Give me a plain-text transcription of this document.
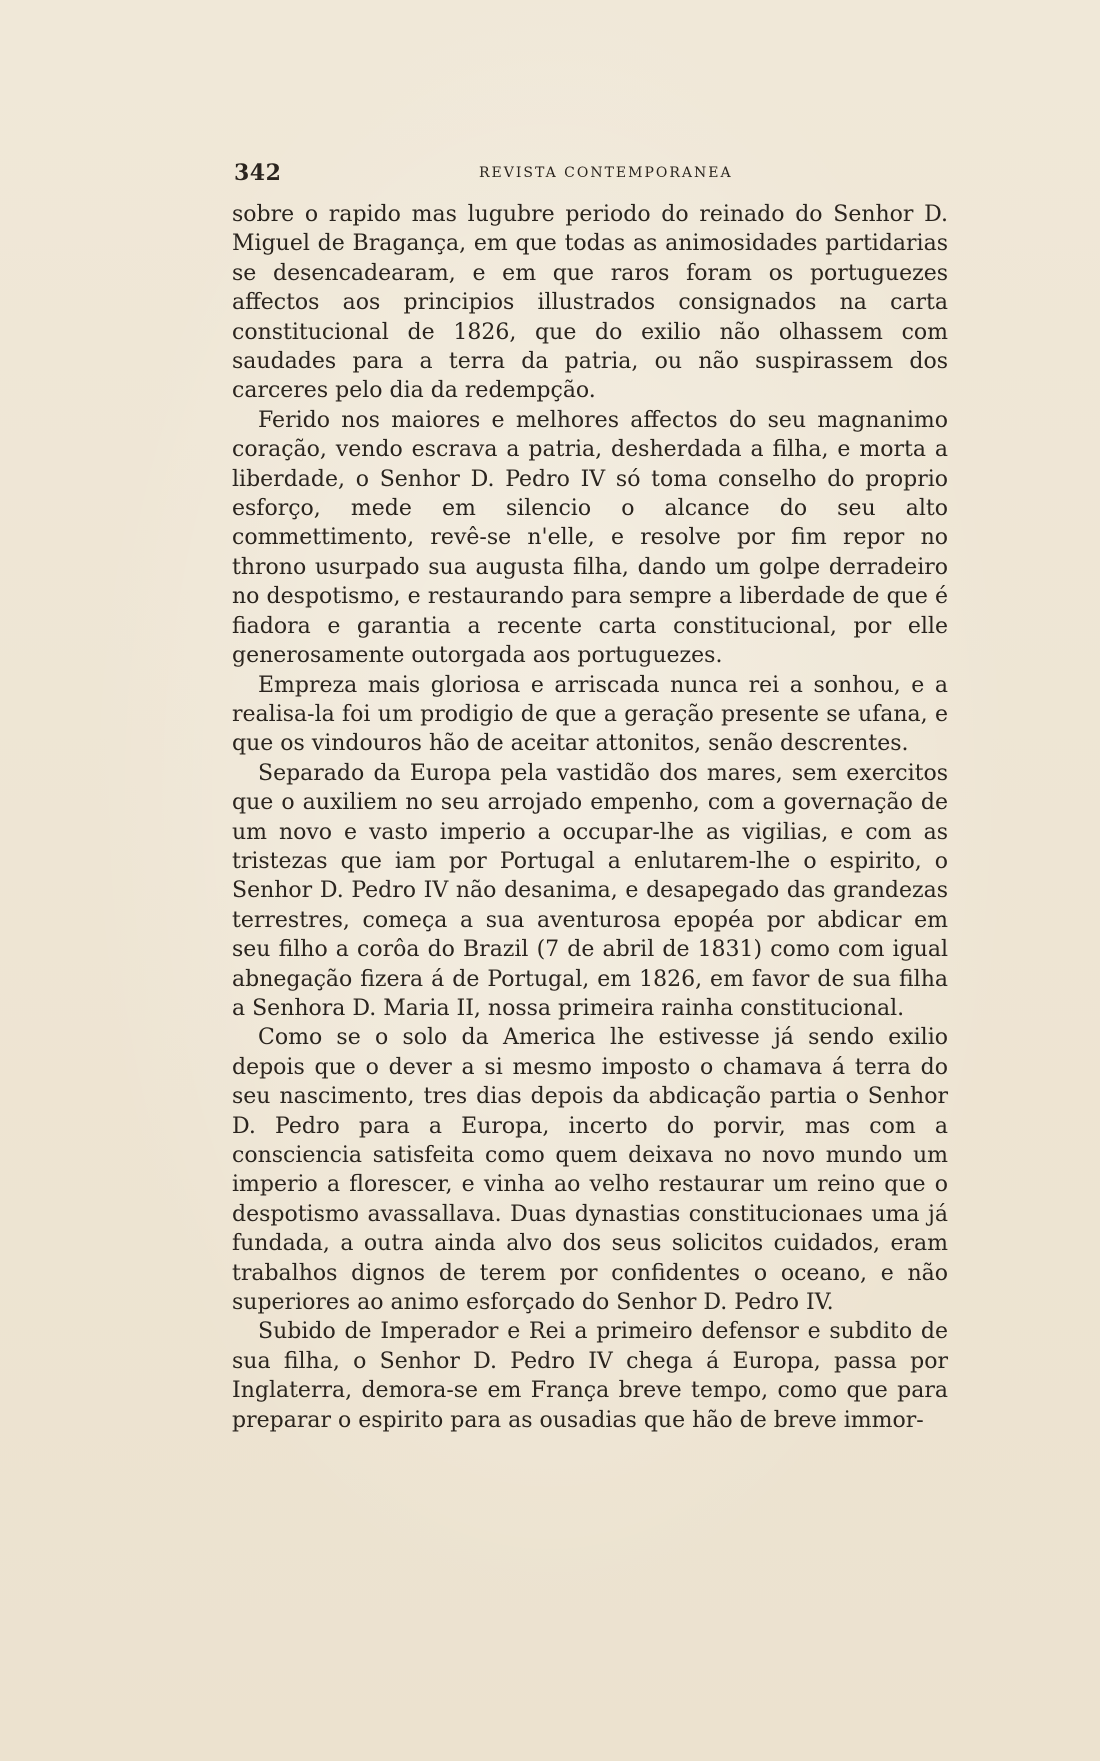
342	REVISTA CONTEMPORANEA

sobre o rapido mas lugubre periodo do reinado do Senhor D. Miguel de Bragança, em que todas as animosidades partidarias se desencadearam, e em que raros foram os portuguezes affectos aos principios illustrados consignados na carta constitucional de 1826, que do exilio não olhassem com saudades para a terra da patria, ou não suspirassem dos carceres pelo dia da redempção.

Ferido nos maiores e melhores affectos do seu magnanimo coração, vendo escrava a patria, desherdada a filha, e morta a liberdade, o Senhor D. Pedro IV só toma conselho do proprio esforço, mede em silencio o alcance do seu alto commettimento, revê-se n'elle, e resolve por fim repor no throno usurpado sua augusta filha, dando um golpe derradeiro no despotismo, e restaurando para sempre a liberdade de que é fiadora e garantia a recente carta constitucional, por elle generosamente outorgada aos portuguezes.

Empreza mais gloriosa e arriscada nunca rei a sonhou, e a realisa-la foi um prodigio de que a geração presente se ufana, e que os vindouros hão de aceitar attonitos, senão descrentes.

Separado da Europa pela vastidão dos mares, sem exercitos que o auxiliem no seu arrojado empenho, com a governação de um novo e vasto imperio a occupar-lhe as vigilias, e com as tristezas que iam por Portugal a enlutarem-lhe o espirito, o Senhor D. Pedro IV não desanima, e desapegado das grandezas terrestres, começa a sua aventurosa epopéa por abdicar em seu filho a corôa do Brazil (7 de abril de 1831) como com igual abnegação fizera á de Portugal, em 1826, em favor de sua filha a Senhora D. Maria II, nossa primeira rainha constitucional.

Como se o solo da America lhe estivesse já sendo exilio depois que o dever a si mesmo imposto o chamava á terra do seu nascimento, tres dias depois da abdicação partia o Senhor D. Pedro para a Europa, incerto do porvir, mas com a consciencia satisfeita como quem deixava no novo mundo um imperio a florescer, e vinha ao velho restaurar um reino que o despotismo avassallava. Duas dynastias constitucionaes uma já fundada, a outra ainda alvo dos seus solicitos cuidados, eram trabalhos dignos de terem por confidentes o oceano, e não superiores ao animo esforçado do Senhor D. Pedro IV.

Subido de Imperador e Rei a primeiro defensor e subdito de sua filha, o Senhor D. Pedro IV chega á Europa, passa por Inglaterra, demora-se em França breve tempo, como que para preparar o espirito para as ousadias que hão de breve immor-
